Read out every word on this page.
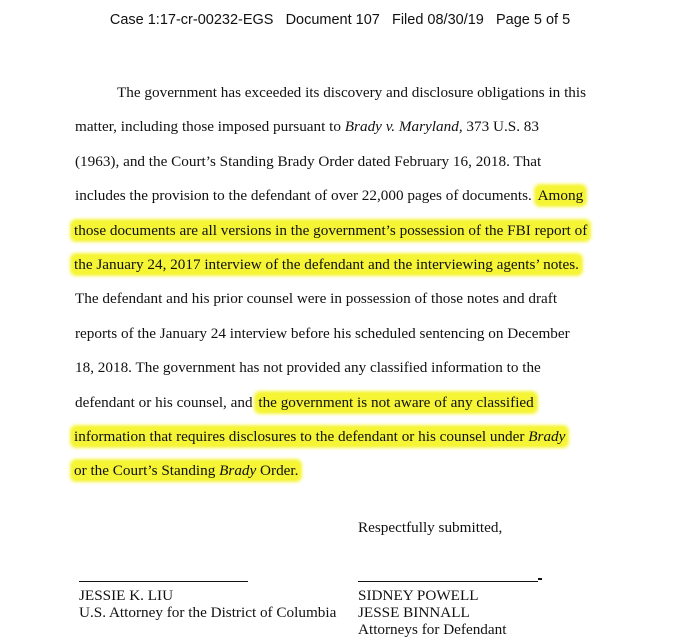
Case 1:17-cr-00232-EGS Document 107 Filed 08/30/19 Page 5 of 5
The government has exceeded its discovery and disclosure obligations in this
matter, including those imposed pursuant to Brady v. Maryland, 373 U.S. 83
(1963), and the Court’s Standing Brady Order dated February 16, 2018. That
includes the provision to the defendant of over 22,000 pages of documents. Among
those documents are all versions in the government’s possession of the FBI report of
the January 24, 2017 interview of the defendant and the interviewing agents’ notes.
The defendant and his prior counsel were in possession of those notes and draft
reports of the January 24 interview before his scheduled sentencing on December
18, 2018. The government has not provided any classified information to the
defendant or his counsel, and the government is not aware of any classified
information that requires disclosures to the defendant or his counsel under Brady
or the Court’s Standing Brady Order.
Respectfully submitted,
JESSIE K. LIU
U.S. Attorney for the District of Columbia
SIDNEY POWELL
JESSE BINNALL
Attorneys for Defendant
